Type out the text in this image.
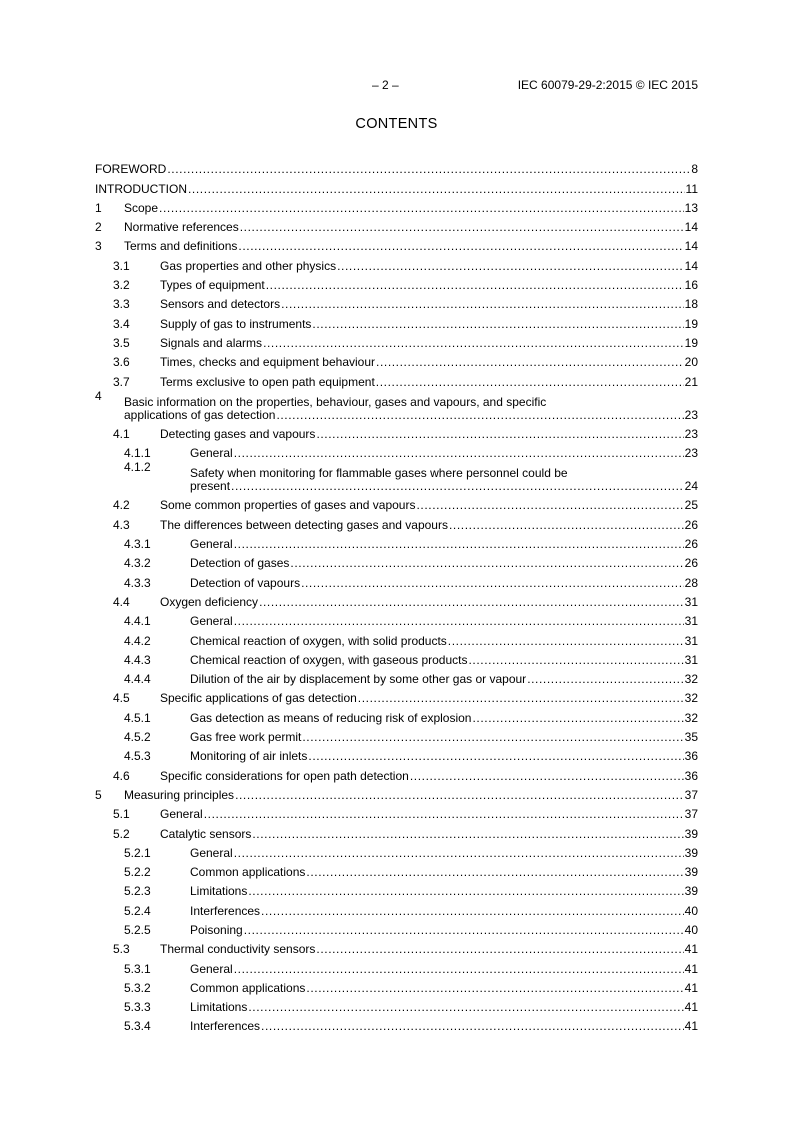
– 2 –	IEC 60079-29-2:2015 © IEC 2015
CONTENTS
FOREWORD .....	8
INTRODUCTION .....	11
1	Scope .....	13
2	Normative references .....	14
3	Terms and definitions .....	14
3.1	Gas properties and other physics .....	14
3.2	Types of equipment .....	16
3.3	Sensors and detectors .....	18
3.4	Supply of gas to instruments .....	19
3.5	Signals and alarms .....	19
3.6	Times, checks and equipment behaviour .....	20
3.7	Terms exclusive to open path equipment .....	21
4	Basic information on the properties, behaviour, gases and vapours, and specific
applications of gas detection .....	23
4.1	Detecting gases and vapours .....	23
4.1.1	General .....	23
4.1.2	Safety when monitoring for flammable gases where personnel could be
present .....	24
4.2	Some common properties of gases and vapours .....	25
4.3	The differences between detecting gases and vapours .....	26
4.3.1	General .....	26
4.3.2	Detection of gases .....	26
4.3.3	Detection of vapours .....	28
4.4	Oxygen deficiency .....	31
4.4.1	General .....	31
4.4.2	Chemical reaction of oxygen, with solid products .....	31
4.4.3	Chemical reaction of oxygen, with gaseous products .....	31
4.4.4	Dilution of the air by displacement by some other gas or vapour .....	32
4.5	Specific applications of gas detection .....	32
4.5.1	Gas detection as means of reducing risk of explosion .....	32
4.5.2	Gas free work permit .....	35
4.5.3	Monitoring of air inlets .....	36
4.6	Specific considerations for open path detection .....	36
5	Measuring principles .....	37
5.1	General .....	37
5.2	Catalytic sensors .....	39
5.2.1	General .....	39
5.2.2	Common applications .....	39
5.2.3	Limitations .....	39
5.2.4	Interferences .....	40
5.2.5	Poisoning .....	40
5.3	Thermal conductivity sensors .....	41
5.3.1	General .....	41
5.3.2	Common applications .....	41
5.3.3	Limitations .....	41
5.3.4	Interferences .....	41
